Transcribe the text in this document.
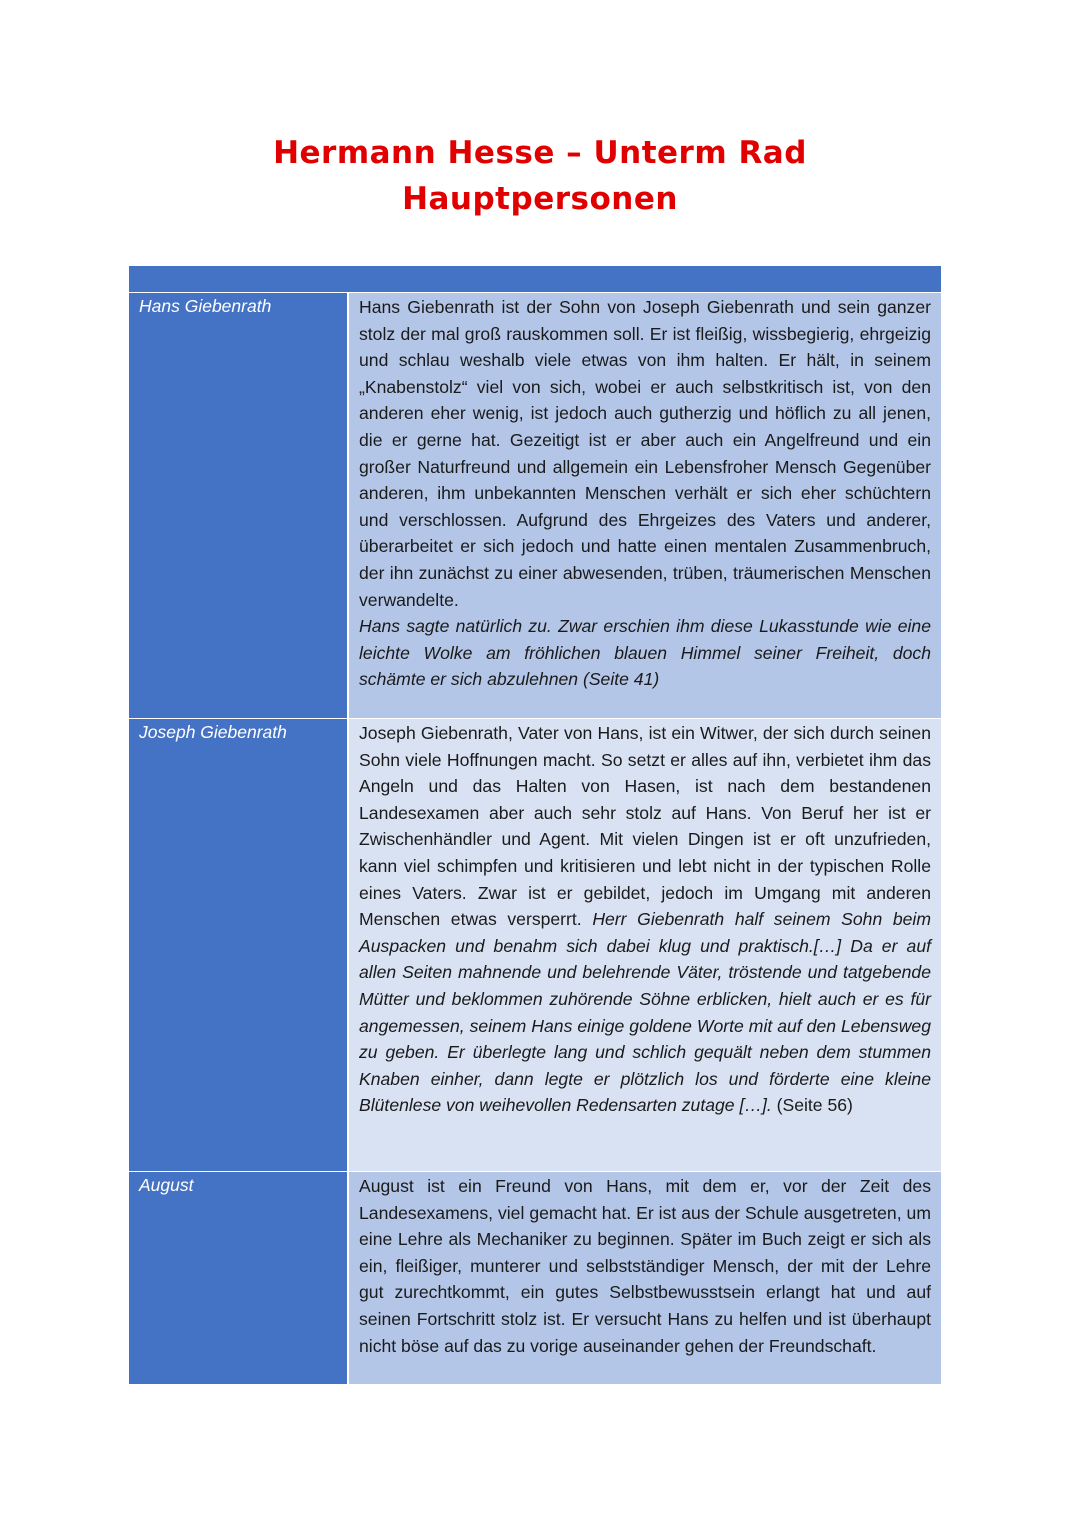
Hermann Hesse – Unterm Rad
Hauptpersonen
Hans Giebenrath	Hans Giebenrath ist der Sohn von Joseph Giebenrath und sein ganzer stolz der mal groß rauskommen soll. Er ist fleißig, wissbegierig, ehrgeizig und schlau weshalb viele etwas von ihm halten. Er hält, in seinem „Knabenstolz“ viel von sich, wobei er auch selbstkritisch ist, von den anderen eher wenig, ist jedoch auch gutherzig und höflich zu all jenen, die er gerne hat. Gezeitigt ist er aber auch ein Angelfreund und ein großer Naturfreund und allgemein ein Lebensfroher Mensch Gegenüber anderen, ihm unbekannten Menschen verhält er sich eher schüchtern und verschlossen. Aufgrund des Ehrgeizes des Vaters und anderer, überarbeitet er sich jedoch und hatte einen mentalen Zusammenbruch, der ihn zunächst zu einer abwesenden, trüben, träumerischen Menschen verwandelte.
Hans sagte natürlich zu. Zwar erschien ihm diese Lukasstunde wie eine leichte Wolke am fröhlichen blauen Himmel seiner Freiheit, doch schämte er sich abzulehnen (Seite 41)

Joseph Giebenrath	Joseph Giebenrath, Vater von Hans, ist ein Witwer, der sich durch seinen Sohn viele Hoffnungen macht. So setzt er alles auf ihn, verbietet ihm das Angeln und das Halten von Hasen, ist nach dem bestandenen Landesexamen aber auch sehr stolz auf Hans. Von Beruf her ist er Zwischenhändler und Agent. Mit vielen Dingen ist er oft unzufrieden, kann viel schimpfen und kritisieren und lebt nicht in der typischen Rolle eines Vaters. Zwar ist er gebildet, jedoch im Umgang mit anderen Menschen etwas versperrt. Herr Giebenrath half seinem Sohn beim Auspacken und benahm sich dabei klug und praktisch.[…] Da er auf allen Seiten mahnende und belehrende Väter, tröstende und tatgebende Mütter und beklommen zuhörende Söhne erblicken, hielt auch er es für angemessen, seinem Hans einige goldene Worte mit auf den Lebensweg zu geben. Er überlegte lang und schlich gequält neben dem stummen Knaben einher, dann legte er plötzlich los und förderte eine kleine Blütenlese von weihevollen Redensarten zutage […]. (Seite 56)

August	August ist ein Freund von Hans, mit dem er, vor der Zeit des Landesexamens, viel gemacht hat. Er ist aus der Schule ausgetreten, um eine Lehre als Mechaniker zu beginnen. Später im Buch zeigt er sich als ein, fleißiger, munterer und selbstständiger Mensch, der mit der Lehre gut zurechtkommt, ein gutes Selbstbewusstsein erlangt hat und auf seinen Fortschritt stolz ist. Er versucht Hans zu helfen und ist überhaupt nicht böse auf das zu vorige auseinander gehen der Freundschaft.
